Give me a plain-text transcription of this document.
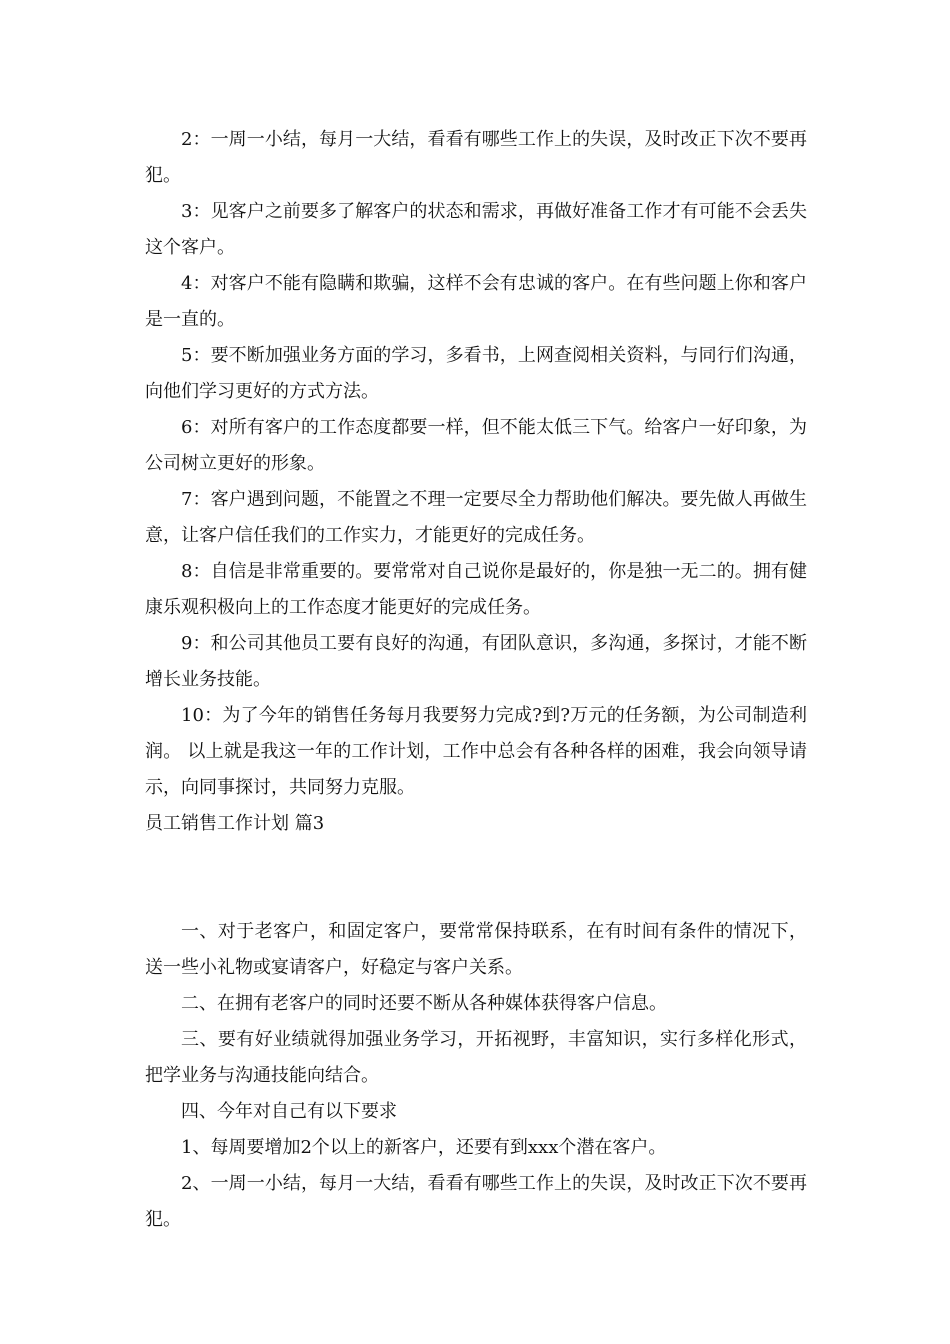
2：一周一小结，每月一大结，看看有哪些工作上的失误，及时改正下次不要再犯。

3：见客户之前要多了解客户的状态和需求，再做好准备工作才有可能不会丢失这个客户。

4：对客户不能有隐瞒和欺骗，这样不会有忠诚的客户。在有些问题上你和客户是一直的。

5：要不断加强业务方面的学习，多看书，上网查阅相关资料，与同行们沟通，向他们学习更好的方式方法。

6：对所有客户的工作态度都要一样，但不能太低三下气。给客户一好印象，为公司树立更好的形象。

7：客户遇到问题，不能置之不理一定要尽全力帮助他们解决。要先做人再做生意，让客户信任我们的工作实力，才能更好的完成任务。

8：自信是非常重要的。要常常对自己说你是最好的，你是独一无二的。拥有健康乐观积极向上的工作态度才能更好的完成任务。

9：和公司其他员工要有良好的沟通，有团队意识，多沟通，多探讨，才能不断增长业务技能。

10：为了今年的销售任务每月我要努力完成?到?万元的任务额，为公司制造利润。 以上就是我这一年的工作计划，工作中总会有各种各样的困难，我会向领导请示，向同事探讨，共同努力克服。

员工销售工作计划 篇3

一、对于老客户，和固定客户，要常常保持联系，在有时间有条件的情况下，送一些小礼物或宴请客户，好稳定与客户关系。

二、在拥有老客户的同时还要不断从各种媒体获得客户信息。

三、要有好业绩就得加强业务学习，开拓视野，丰富知识，实行多样化形式，把学业务与沟通技能向结合。

四、今年对自己有以下要求

1、每周要增加2个以上的新客户，还要有到xxx个潜在客户。

2、一周一小结，每月一大结，看看有哪些工作上的失误，及时改正下次不要再犯。
